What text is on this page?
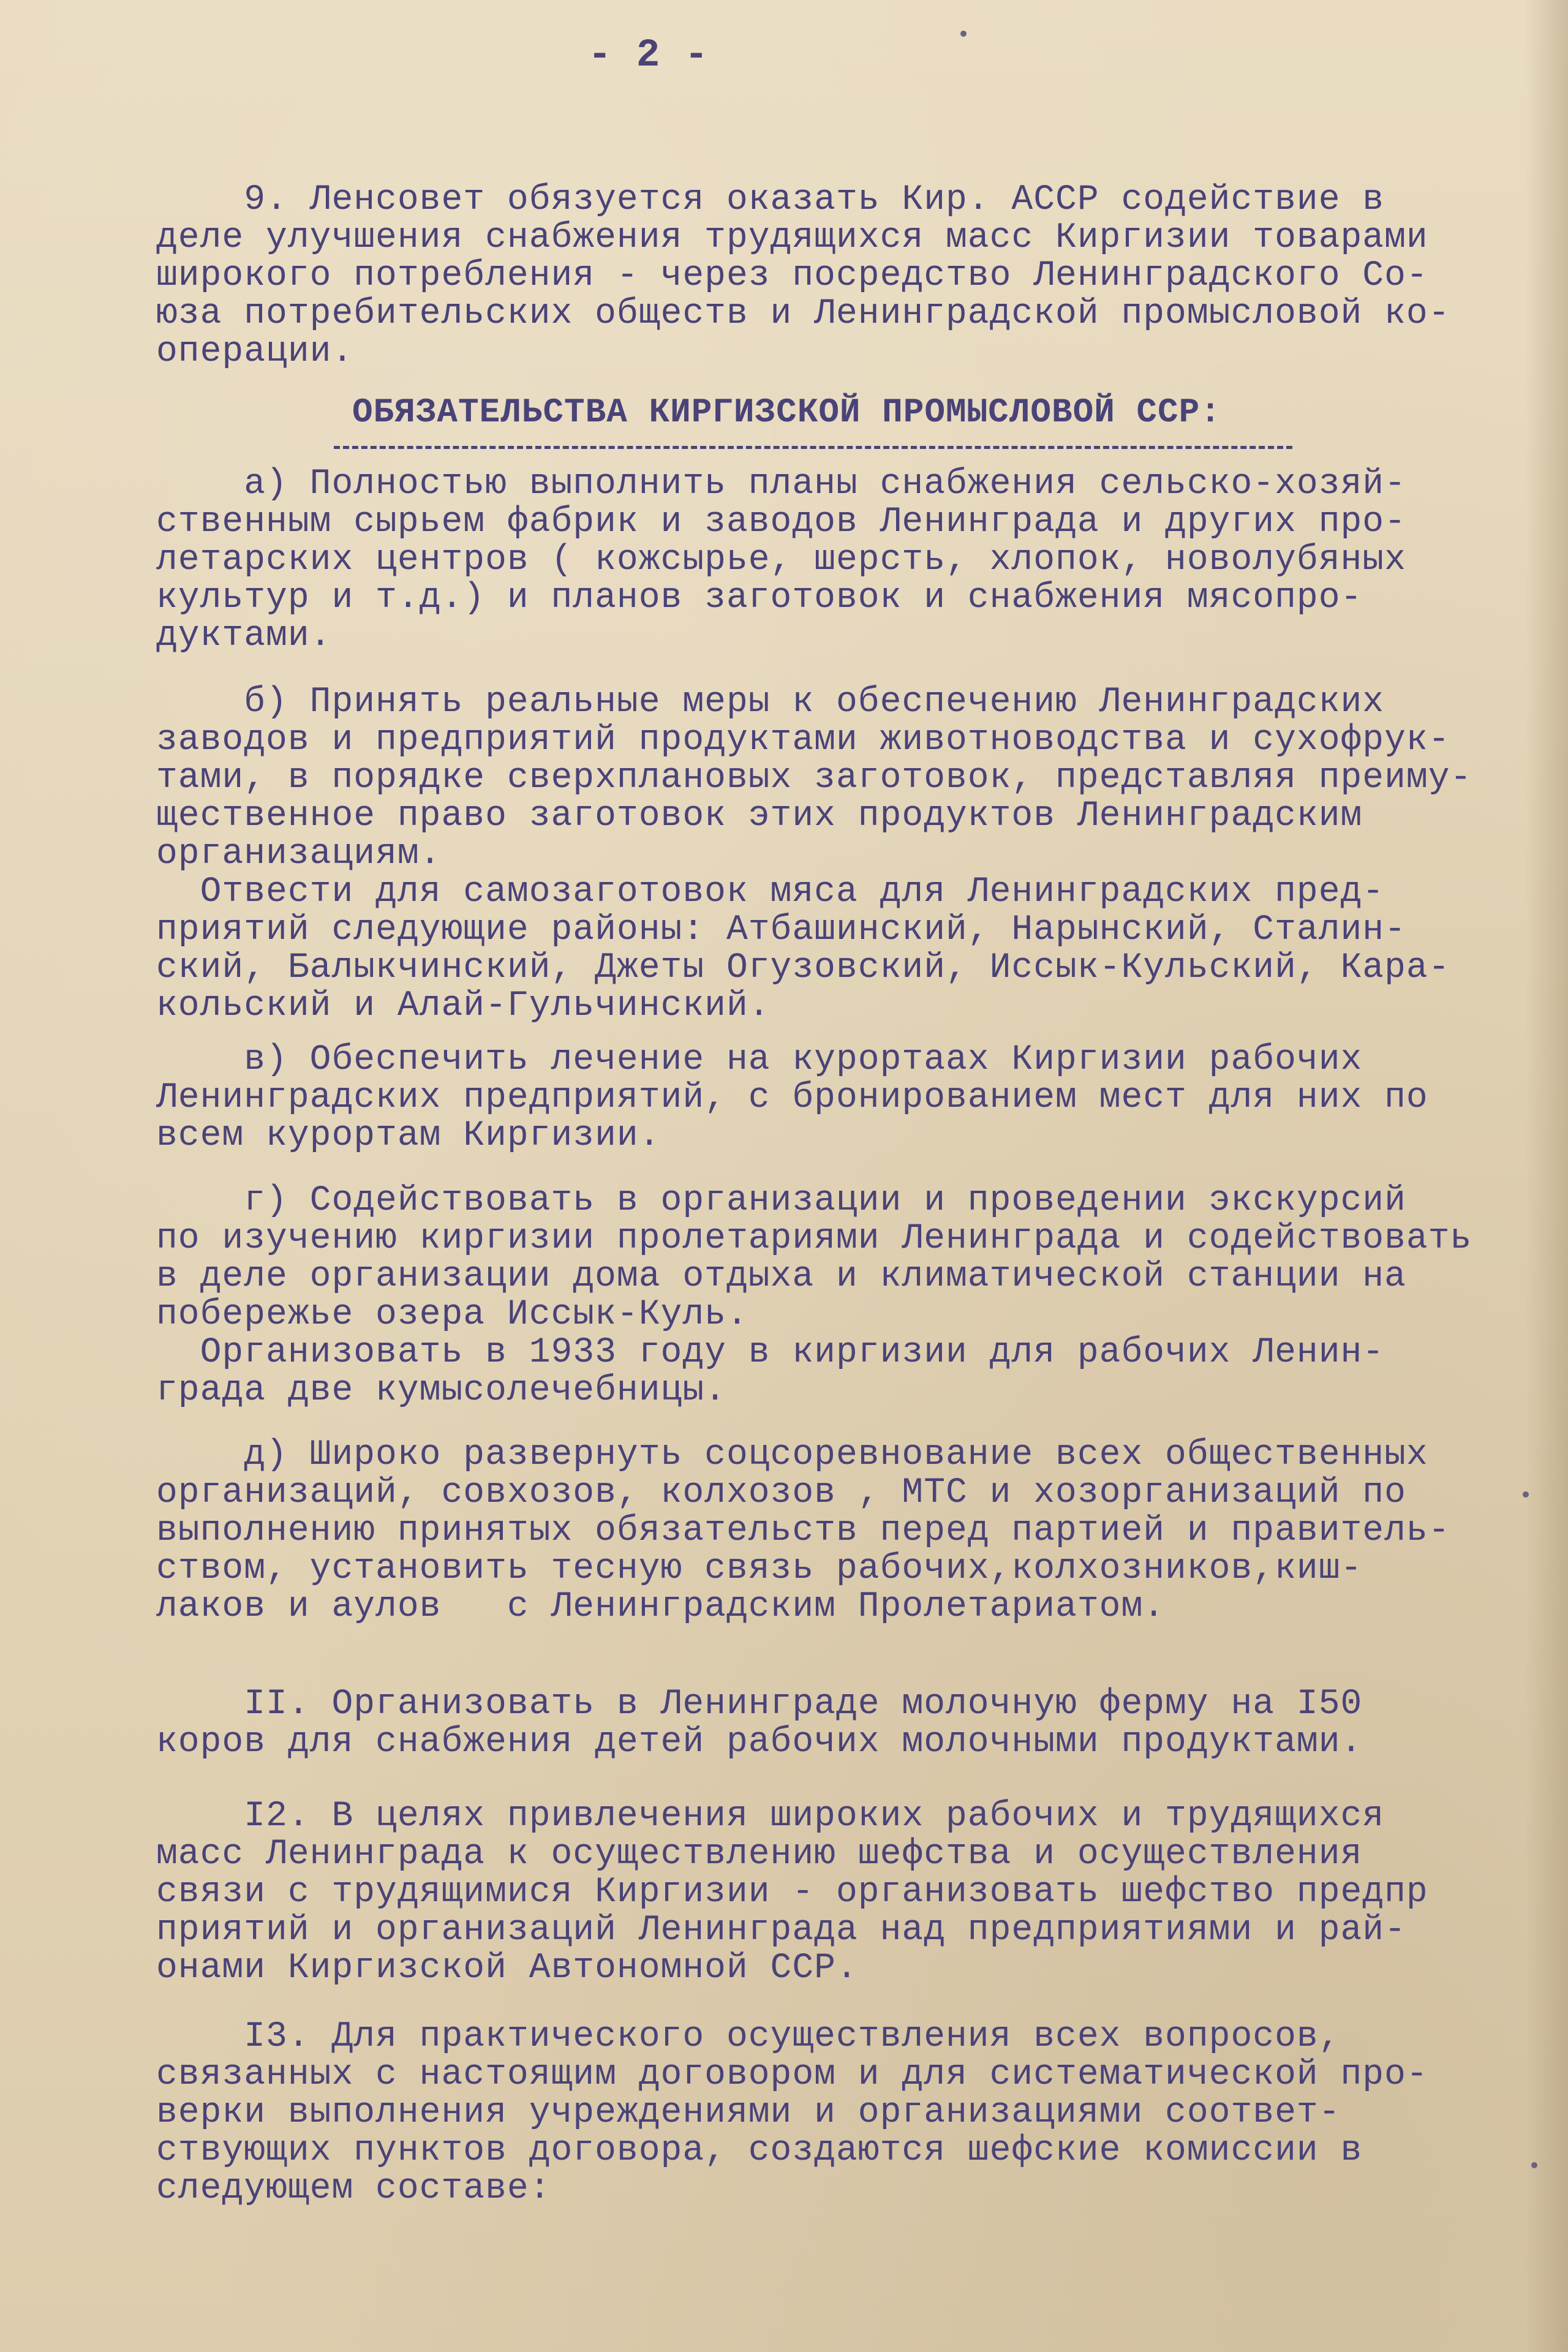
- 2 -
9. Ленсовет обязуется оказать Кир. АССР содействие в
деле улучшения снабжения трудящихся масс Киргизии товарами
широкого потребления - через посредство Ленинградского Со-
юза потребительских обществ и Ленинградской промысловой ко-
операции.
ОБЯЗАТЕЛЬСТВА КИРГИЗСКОЙ ПРОМЫСЛОВОЙ ССР:
а) Полностью выполнить планы снабжения сельско-хозяй-
ственным сырьем фабрик и заводов Ленинграда и других про-
летарских центров ( кожсырье, шерсть, хлопок, новолубяных
культур и т.д.) и планов заготовок и снабжения мясопро-
дуктами.
б) Принять реальные меры к обеспечению Ленинградских
заводов и предприятий продуктами животноводства и сухофрук-
тами, в порядке сверхплановых заготовок, представляя преиму-
щественное право заготовок этих продуктов Ленинградским
организациям.
Отвести для самозаготовок мяса для Ленинградских пред-
приятий следующие районы: Атбашинский, Нарынский, Сталин-
ский, Балыкчинский, Джеты Огузовский, Иссык-Кульский, Кара-
кольский и Алай-Гульчинский.
в) Обеспечить лечение на курортаах Киргизии рабочих
Ленинградских предприятий, с бронированием мест для них по
всем курортам Киргизии.
г) Содействовать в организации и проведении экскурсий
по изучению киргизии пролетариями Ленинграда и содействовать
в деле организации дома отдыха и климатической станции на
побережье озера Иссык-Куль.
Организовать в 1933 году в киргизии для рабочих Ленин-
града две кумысолечебницы.
д) Широко развернуть соцсоревнование всех общественных
организаций, совхозов, колхозов , МТС и хозорганизаций по
выполнению принятых обязательств перед партией и правитель-
ством, установить тесную связь рабочих,колхозников,киш-
лаков и аулов   с Ленинградским Пролетариатом.
II. Организовать в Ленинграде молочную ферму на I50
коров для снабжения детей рабочих молочными продуктами.
I2. В целях привлечения широких рабочих и трудящихся
масс Ленинграда к осуществлению шефства и осуществления
связи с трудящимися Киргизии - организовать шефство предпр
приятий и организаций Ленинграда над предприятиями и рай-
онами Киргизской Автономной ССР.
I3. Для практического осуществления всех вопросов,
связанных с настоящим договором и для систематической про-
верки выполнения учреждениями и организациями соответ-
ствующих пунктов договора, создаются шефские комиссии в
следующем составе:
